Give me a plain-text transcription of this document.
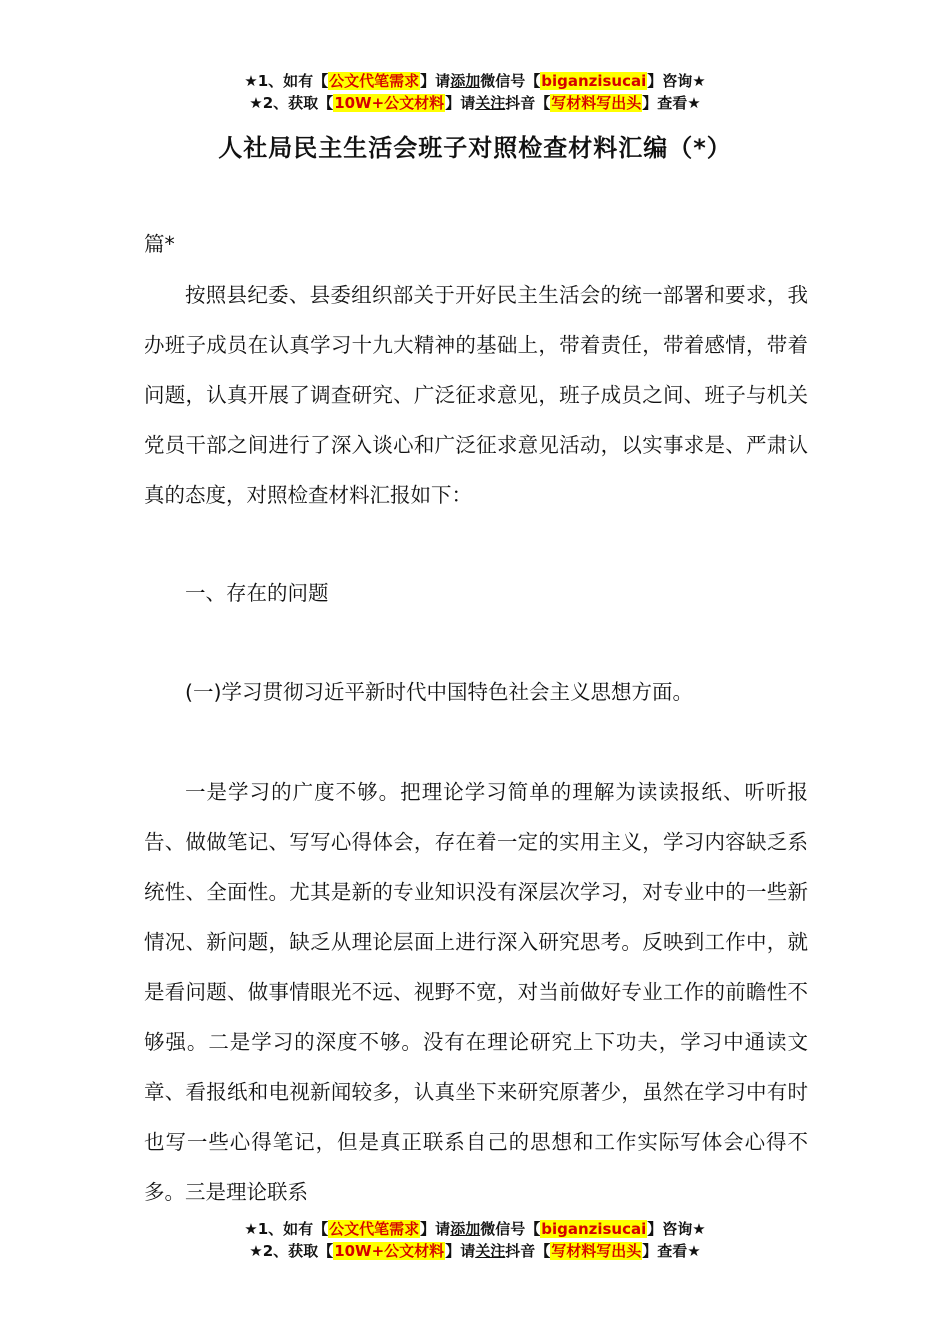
★1、如有【公文代笔需求】请添加微信号【biganzisucai】咨询★
★2、获取【10W+公文材料】请关注抖音【写材料写出头】查看★
人社局民主生活会班子对照检查材料汇编（*）

篇*

按照县纪委、县委组织部关于开好民主生活会的统一部署和要求，我办班子成员在认真学习十九大精神的基础上，带着责任，带着感情，带着问题，认真开展了调查研究、广泛征求意见，班子成员之间、班子与机关党员干部之间进行了深入谈心和广泛征求意见活动，以实事求是、严肃认真的态度，对照检查材料汇报如下：

一、存在的问题

(一)学习贯彻习近平新时代中国特色社会主义思想方面。

一是学习的广度不够。把理论学习简单的理解为读读报纸、听听报告、做做笔记、写写心得体会，存在着一定的实用主义，学习内容缺乏系统性、全面性。尤其是新的专业知识没有深层次学习，对专业中的一些新情况、新问题，缺乏从理论层面上进行深入研究思考。反映到工作中，就是看问题、做事情眼光不远、视野不宽，对当前做好专业工作的前瞻性不够强。二是学习的深度不够。没有在理论研究上下功夫，学习中通读文章、看报纸和电视新闻较多，认真坐下来研究原著少，虽然在学习中有时也写一些心得笔记，但是真正联系自己的思想和工作实际写体会心得不多。三是理论联系

★1、如有【公文代笔需求】请添加微信号【biganzisucai】咨询★
★2、获取【10W+公文材料】请关注抖音【写材料写出头】查看★
